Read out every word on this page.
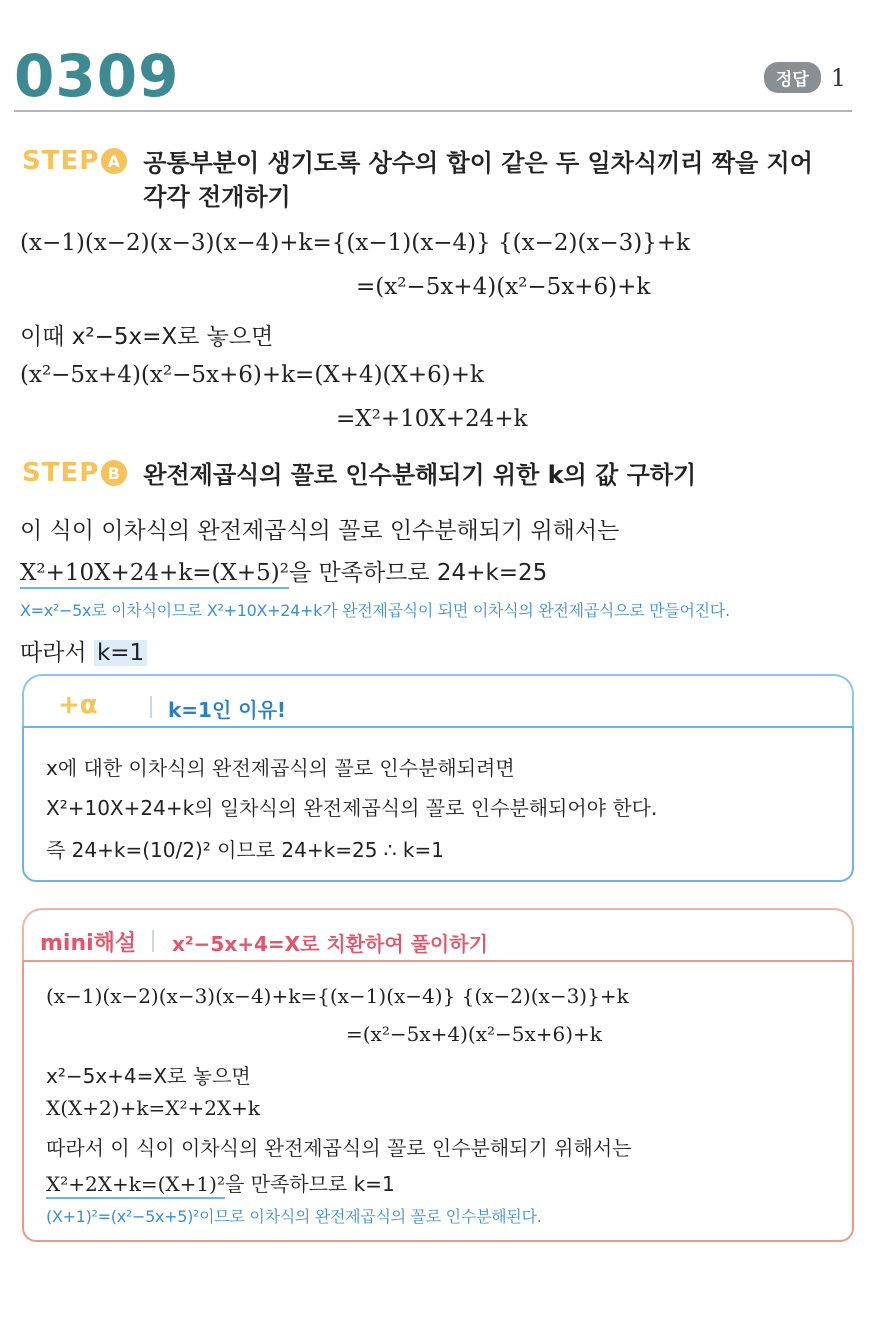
0309	정답 1
STEP A 공통부분이 생기도록 상수의 합이 같은 두 일차식끼리 짝을 지어
각각 전개하기
(x−1)(x−2)(x−3)(x−4)+k={(x−1)(x−4)} {(x−2)(x−3)}+k
=(x²−5x+4)(x²−5x+6)+k
이때 x²−5x=X로 놓으면
(x²−5x+4)(x²−5x+6)+k=(X+4)(X+6)+k
=X²+10X+24+k
STEP B 완전제곱식의 꼴로 인수분해되기 위한 k의 값 구하기
이 식이 이차식의 완전제곱식의 꼴로 인수분해되기 위해서는
X²+10X+24+k=(X+5)²을 만족하므로 24+k=25
X=x²−5x로 이차식이므로 X²+10X+24+k가 완전제곱식이 되면 이차식의 완전제곱식으로 만들어진다.
따라서 k=1
+α	k=1인 이유!
x에 대한 이차식의 완전제곱식의 꼴로 인수분해되려면
X²+10X+24+k의 일차식의 완전제곱식의 꼴로 인수분해되어야 한다.
즉 24+k=(10/2)² 이므로 24+k=25 ∴ k=1
mini해설 x²−5x+4=X로 치환하여 풀이하기
(x−1)(x−2)(x−3)(x−4)+k={(x−1)(x−4)} {(x−2)(x−3)}+k
=(x²−5x+4)(x²−5x+6)+k
x²−5x+4=X로 놓으면
X(X+2)+k=X²+2X+k
따라서 이 식이 이차식의 완전제곱식의 꼴로 인수분해되기 위해서는
X²+2X+k=(X+1)²을 만족하므로 k=1
(X+1)²=(x²−5x+5)²이므로 이차식의 완전제곱식의 꼴로 인수분해된다.
